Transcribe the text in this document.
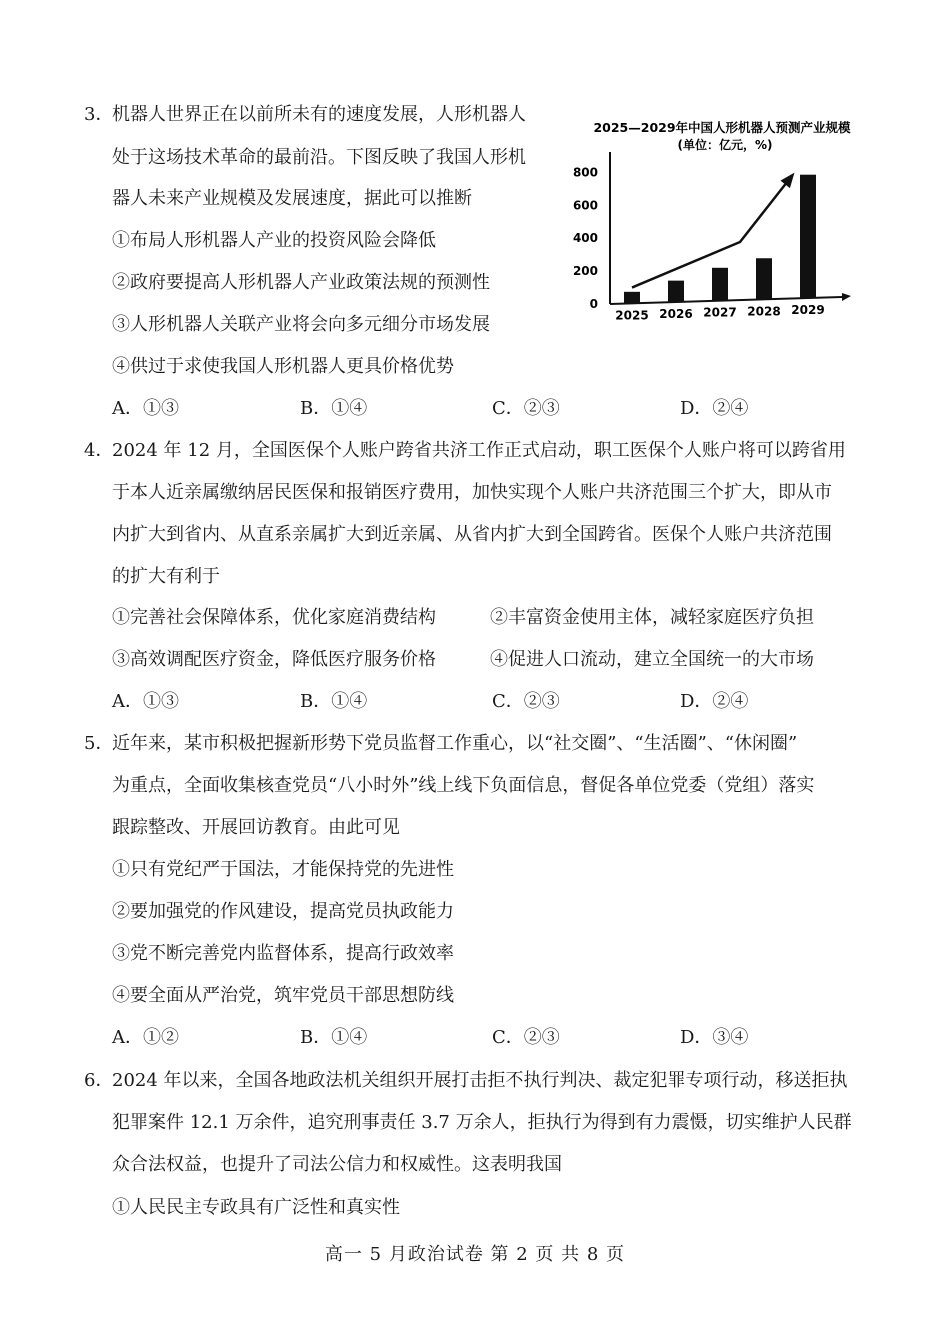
3．
机器人世界正在以前所未有的速度发展，人形机器人
处于这场技术革命的最前沿。下图反映了我国人形机
器人未来产业规模及发展速度，据此可以推断
①布局人形机器人产业的投资风险会降低
②政府要提高人形机器人产业政策法规的预测性
③人形机器人关联产业将会向多元细分市场发展
④供过于求使我国人形机器人更具价格优势
A．①③	B．①④	C．②③	D．②④
2025—2029年中国人形机器人预测产业规模
(单位：亿元，%)
0
200
400
600
800
2025 2026 2027 2028 2029
4．
2024 年 12 月，全国医保个人账户跨省共济工作正式启动，职工医保个人账户将可以跨省用
于本人近亲属缴纳居民医保和报销医疗费用，加快实现个人账户共济范围三个扩大，即从市
内扩大到省内、从直系亲属扩大到近亲属、从省内扩大到全国跨省。医保个人账户共济范围
的扩大有利于
①完善社会保障体系，优化家庭消费结构	②丰富资金使用主体，减轻家庭医疗负担
③高效调配医疗资金，降低医疗服务价格	④促进人口流动，建立全国统一的大市场
A．①③	B．①④	C．②③	D．②④
5．
近年来，某市积极把握新形势下党员监督工作重心，以“社交圈”、“生活圈”、“休闲圈”
为重点，全面收集核查党员“八小时外”线上线下负面信息，督促各单位党委（党组）落实
跟踪整改、开展回访教育。由此可见
①只有党纪严于国法，才能保持党的先进性
②要加强党的作风建设，提高党员执政能力
③党不断完善党内监督体系，提高行政效率
④要全面从严治党，筑牢党员干部思想防线
A．①②	B．①④	C．②③	D．③④
6．
2024 年以来，全国各地政法机关组织开展打击拒不执行判决、裁定犯罪专项行动，移送拒执
犯罪案件 12.1 万余件，追究刑事责任 3.7 万余人，拒执行为得到有力震慑，切实维护人民群
众合法权益，也提升了司法公信力和权威性。这表明我国
①人民民主专政具有广泛性和真实性
高一 5 月政治试卷 第 2 页 共 8 页
